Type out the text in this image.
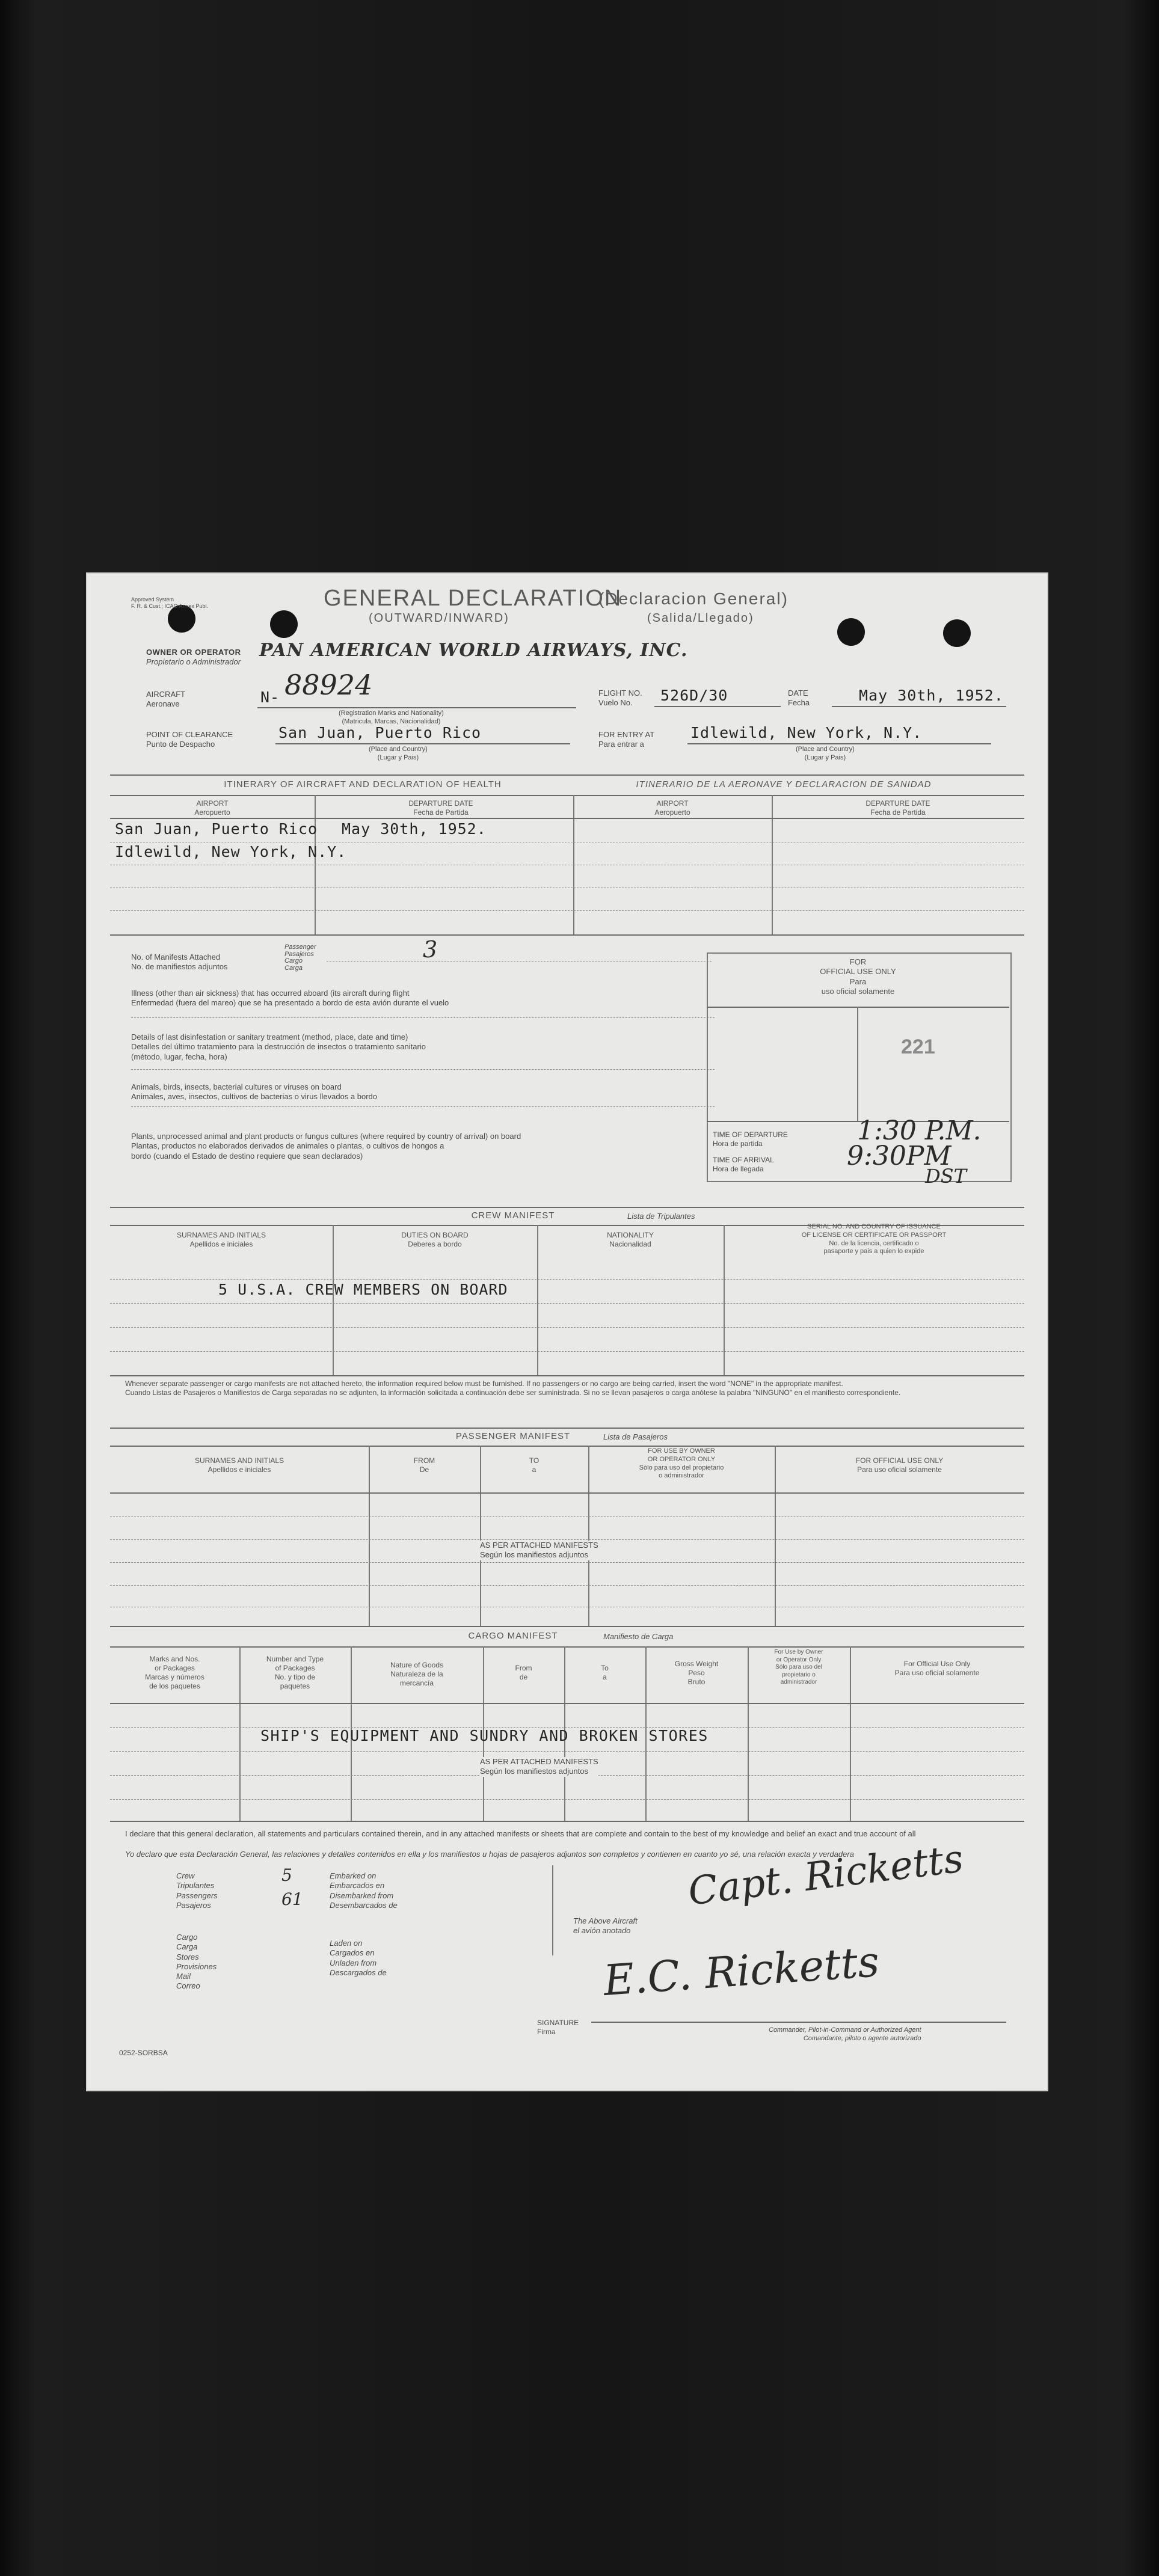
Approved System
F. R. & Cust.; ICAO Annex Publ.	GENERAL DECLARATION
(Declaracion General)
(OUTWARD/INWARD)	(Salida/Llegado)
OWNER OR OPERATOR
Propietario o Administrador
PAN AMERICAN WORLD AIRWAYS, INC.
AIRCRAFT
Aeronave	N- 88924
(Registration Marks and Nationality)
(Matricula, Marcas, Nacionalidad)
FLIGHT NO.
Vuelo No.	526D/30	DATE
Fecha	May 30th, 1952.
POINT OF CLEARANCE
Punto de Despacho
San Juan, Puerto Rico
(Place and Country)
(Lugar y Pais)
FOR ENTRY AT
Para entrar a
Idlewild, New York, N.Y.
(Place and Country)
(Lugar y Pais)
ITINERARY OF AIRCRAFT AND DECLARATION OF HEALTH	ITINERARIO DE LA AERONAVE Y DECLARACION DE SANIDAD
AIRPORT
Aeropuerto
DEPARTURE DATE
Fecha de Partida
AIRPORT
Aeropuerto
DEPARTURE DATE
Fecha de Partida
San Juan, Puerto Rico May 30th, 1952.
Idlewild, New York, N.Y.
No. of Manifests Attached
No. de manifiestos adjuntos
Passenger
Pasajeros
Cargo
Carga
3
Illness (other than air sickness) that has occurred aboard (its aircraft during flight
Enfermedad (fuera del mareo) que se ha presentado a bordo de esta avión durante el vuelo
Details of last disinfestation or sanitary treatment (method, place, date and time)
Detalles del último tratamiento para la destrucción de insectos o tratamiento sanitario
(método, lugar, fecha, hora)
Animals, birds, insects, bacterial cultures or viruses on board
Animales, aves, insectos, cultivos de bacterias o virus llevados a bordo
Plants, unprocessed animal and plant products or fungus cultures (where required by country of arrival) on board
Plantas, productos no elaborados derivados de animales o plantas, o cultivos de hongos a
bordo (cuando el Estado de destino requiere que sean declarados)
FOR
OFFICIAL USE ONLY
Para
uso oficial solamente
221
TIME OF DEPARTURE
Hora de partida	1:30 P.M.
TIME OF ARRIVAL
Hora de llegada	9:30PM
DST
CREW MANIFEST	Lista de Tripulantes
SURNAMES AND INITIALS
Apellidos e iniciales
DUTIES ON BOARD
Deberes a bordo
NATIONALITY
Nacionalidad
SERIAL NO. AND COUNTRY OF ISSUANCE
OF LICENSE OR CERTIFICATE OR PASSPORT
No. de la licencia, certificado o
pasaporte y pais a quien lo expide
5 U.S.A. CREW MEMBERS ON BOARD
Whenever separate passenger or cargo manifests are not attached hereto, the information required below must be furnished. If no passengers or no cargo are being carried, insert the word "NONE" in the appropriate manifest.
Cuando Listas de Pasajeros o Manifiestos de Carga separadas no se adjunten, la información solicitada a continuación debe ser suministrada. Si no se llevan pasajeros o carga anótese la palabra "NINGUNO" en el manifiesto correspondiente.
PASSENGER MANIFEST	Lista de Pasajeros
SURNAMES AND INITIALS
Apellidos e iniciales
FROM
De
TO
a
FOR USE BY OWNER
OR OPERATOR ONLY
Sólo para uso del propietario
o administrador
FOR OFFICIAL USE ONLY
Para uso oficial solamente
AS PER ATTACHED MANIFESTS
Según los manifiestos adjuntos
CARGO MANIFEST	Manifiesto de Carga
Marks and Nos.
or Packages
Marcas y números
de los paquetes
Number and Type
of Packages
No. y tipo de
paquetes
Nature of Goods
Naturaleza de la
mercancía
From
de
To
a
Gross Weight
Peso
Bruto
For Use by Owner
or Operator Only
Sólo para uso del
propietario o
administrador
For Official Use Only
Para uso oficial solamente
SHIP'S EQUIPMENT AND SUNDRY AND BROKEN STORES
AS PER ATTACHED MANIFESTS
Según los manifiestos adjuntos
I declare that this general declaration, all statements and particulars contained therein, and in any attached manifests or sheets that are complete and contain to the best of my knowledge and belief an exact and true account of all
Yo declaro que esta Declaración General, las relaciones y detalles contenidos en ella y los manifiestos u hojas de pasajeros adjuntos son completos y contienen en cuanto yo sé, una relación exacta y verdadera
Crew
Tripulantes
Passengers
Pasajeros
5
61
Embarked on
Embarcados en
Disembarked from
Desembarcados de
Cargo
Carga
Stores
Provisiones
Mail
Correo
Laden on
Cargados en
Unladen from
Descargados de
The Above Aircraft
el avión anotado
Capt. Ricketts
E.C. Ricketts
SIGNATURE
Firma	Commander, Pilot-in-Command or Authorized Agent
Comandante, piloto o agente autorizado
0252-SORBSA
